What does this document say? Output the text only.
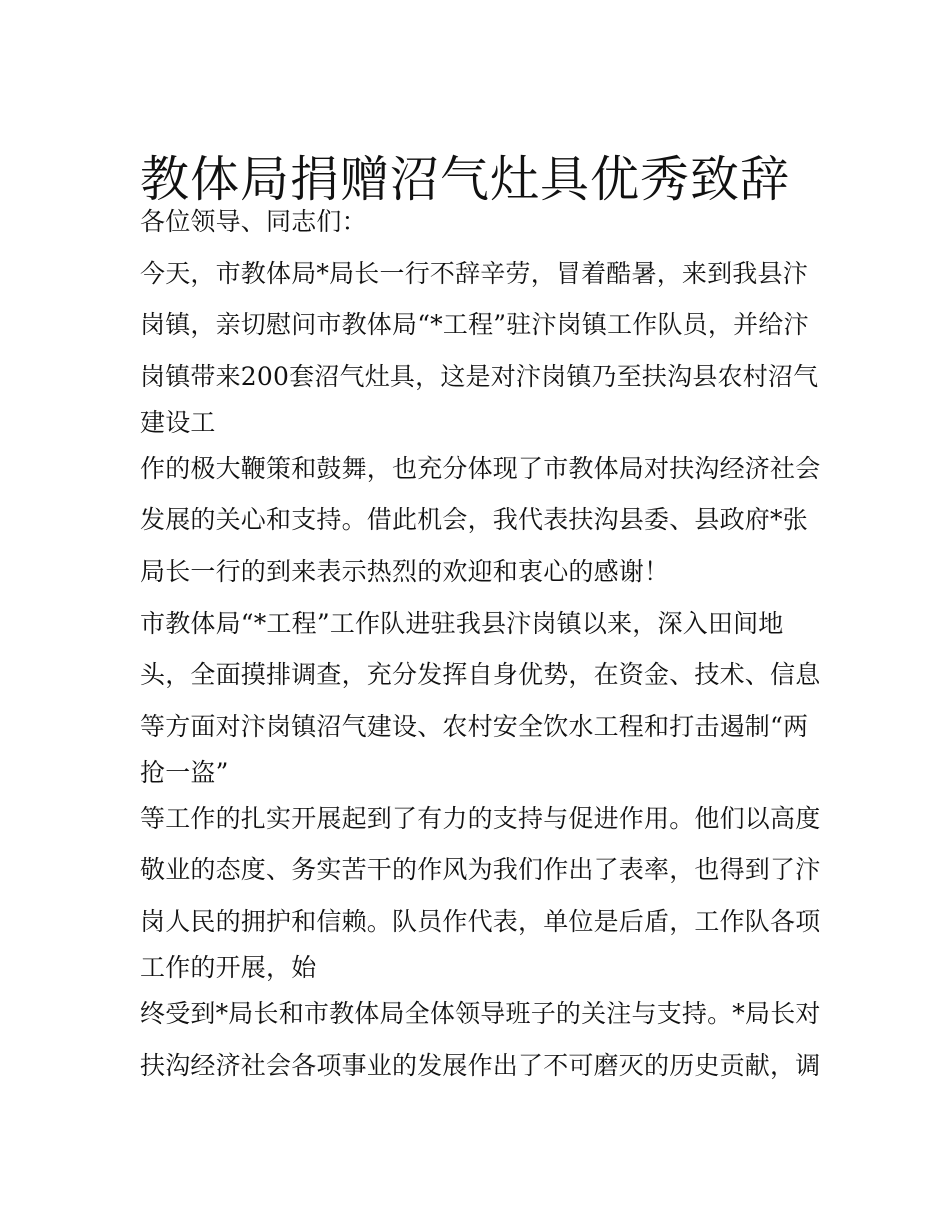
教体局捐赠沼气灶具优秀致辞
各位领导、同志们：
今天，市教体局*局长一行不辞辛劳，冒着酷暑，来到我县汴
岗镇，亲切慰问市教体局“*工程”驻汴岗镇工作队员，并给汴
岗镇带来200套沼气灶具，这是对汴岗镇乃至扶沟县农村沼气
建设工
作的极大鞭策和鼓舞，也充分体现了市教体局对扶沟经济社会
发展的关心和支持。借此机会，我代表扶沟县委、县政府*张
局长一行的到来表示热烈的欢迎和衷心的感谢！
市教体局“*工程”工作队进驻我县汴岗镇以来，深入田间地
头，全面摸排调查，充分发挥自身优势，在资金、技术、信息
等方面对汴岗镇沼气建设、农村安全饮水工程和打击遏制“两
抢一盗”
等工作的扎实开展起到了有力的支持与促进作用。他们以高度
敬业的态度、务实苦干的作风为我们作出了表率，也得到了汴
岗人民的拥护和信赖。队员作代表，单位是后盾，工作队各项
工作的开展，始
终受到*局长和市教体局全体领导班子的关注与支持。*局长对
扶沟经济社会各项事业的发展作出了不可磨灭的历史贡献，调
